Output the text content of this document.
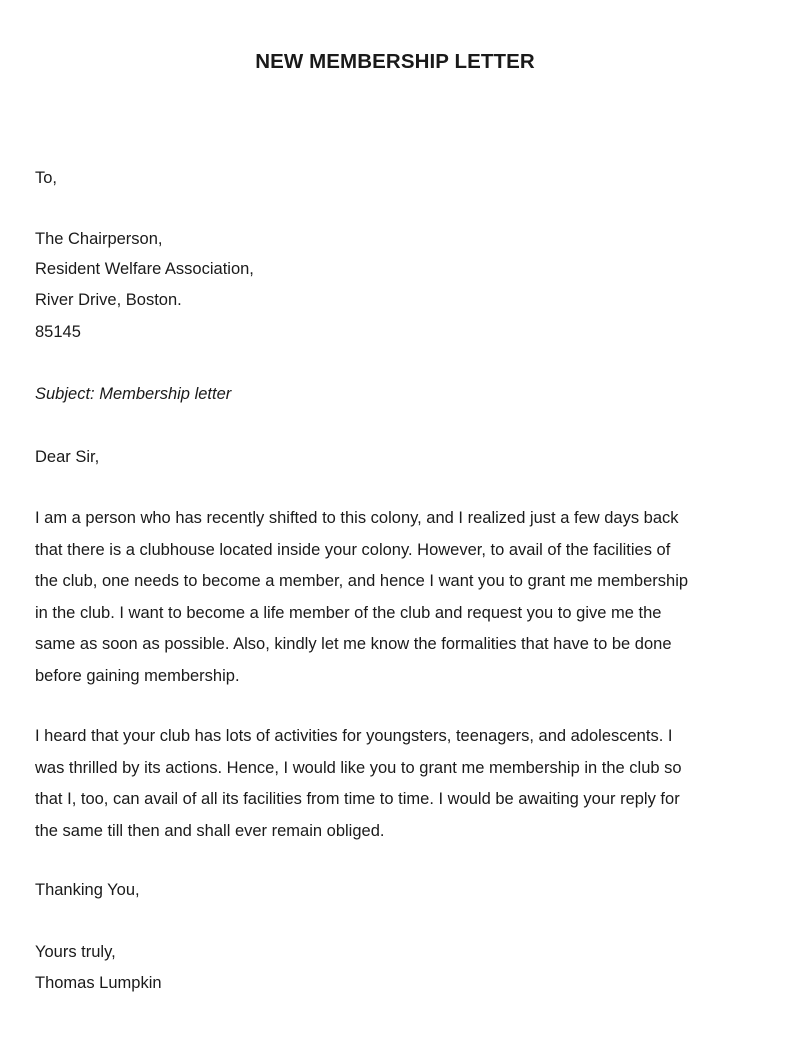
NEW MEMBERSHIP LETTER

To,

The Chairperson,

Resident Welfare Association,

River Drive, Boston.

85145

Subject: Membership letter

Dear Sir,

I am a person who has recently shifted to this colony, and I realized just a few days back
that there is a clubhouse located inside your colony. However, to avail of the facilities of
the club, one needs to become a member, and hence I want you to grant me membership
in the club. I want to become a life member of the club and request you to give me the
same as soon as possible. Also, kindly let me know the formalities that have to be done
before gaining membership.
I heard that your club has lots of activities for youngsters, teenagers, and adolescents. I
was thrilled by its actions. Hence, I would like you to grant me membership in the club so
that I, too, can avail of all its facilities from time to time. I would be awaiting your reply for
the same till then and shall ever remain obliged.

Thanking You,

Yours truly,

Thomas Lumpkin
